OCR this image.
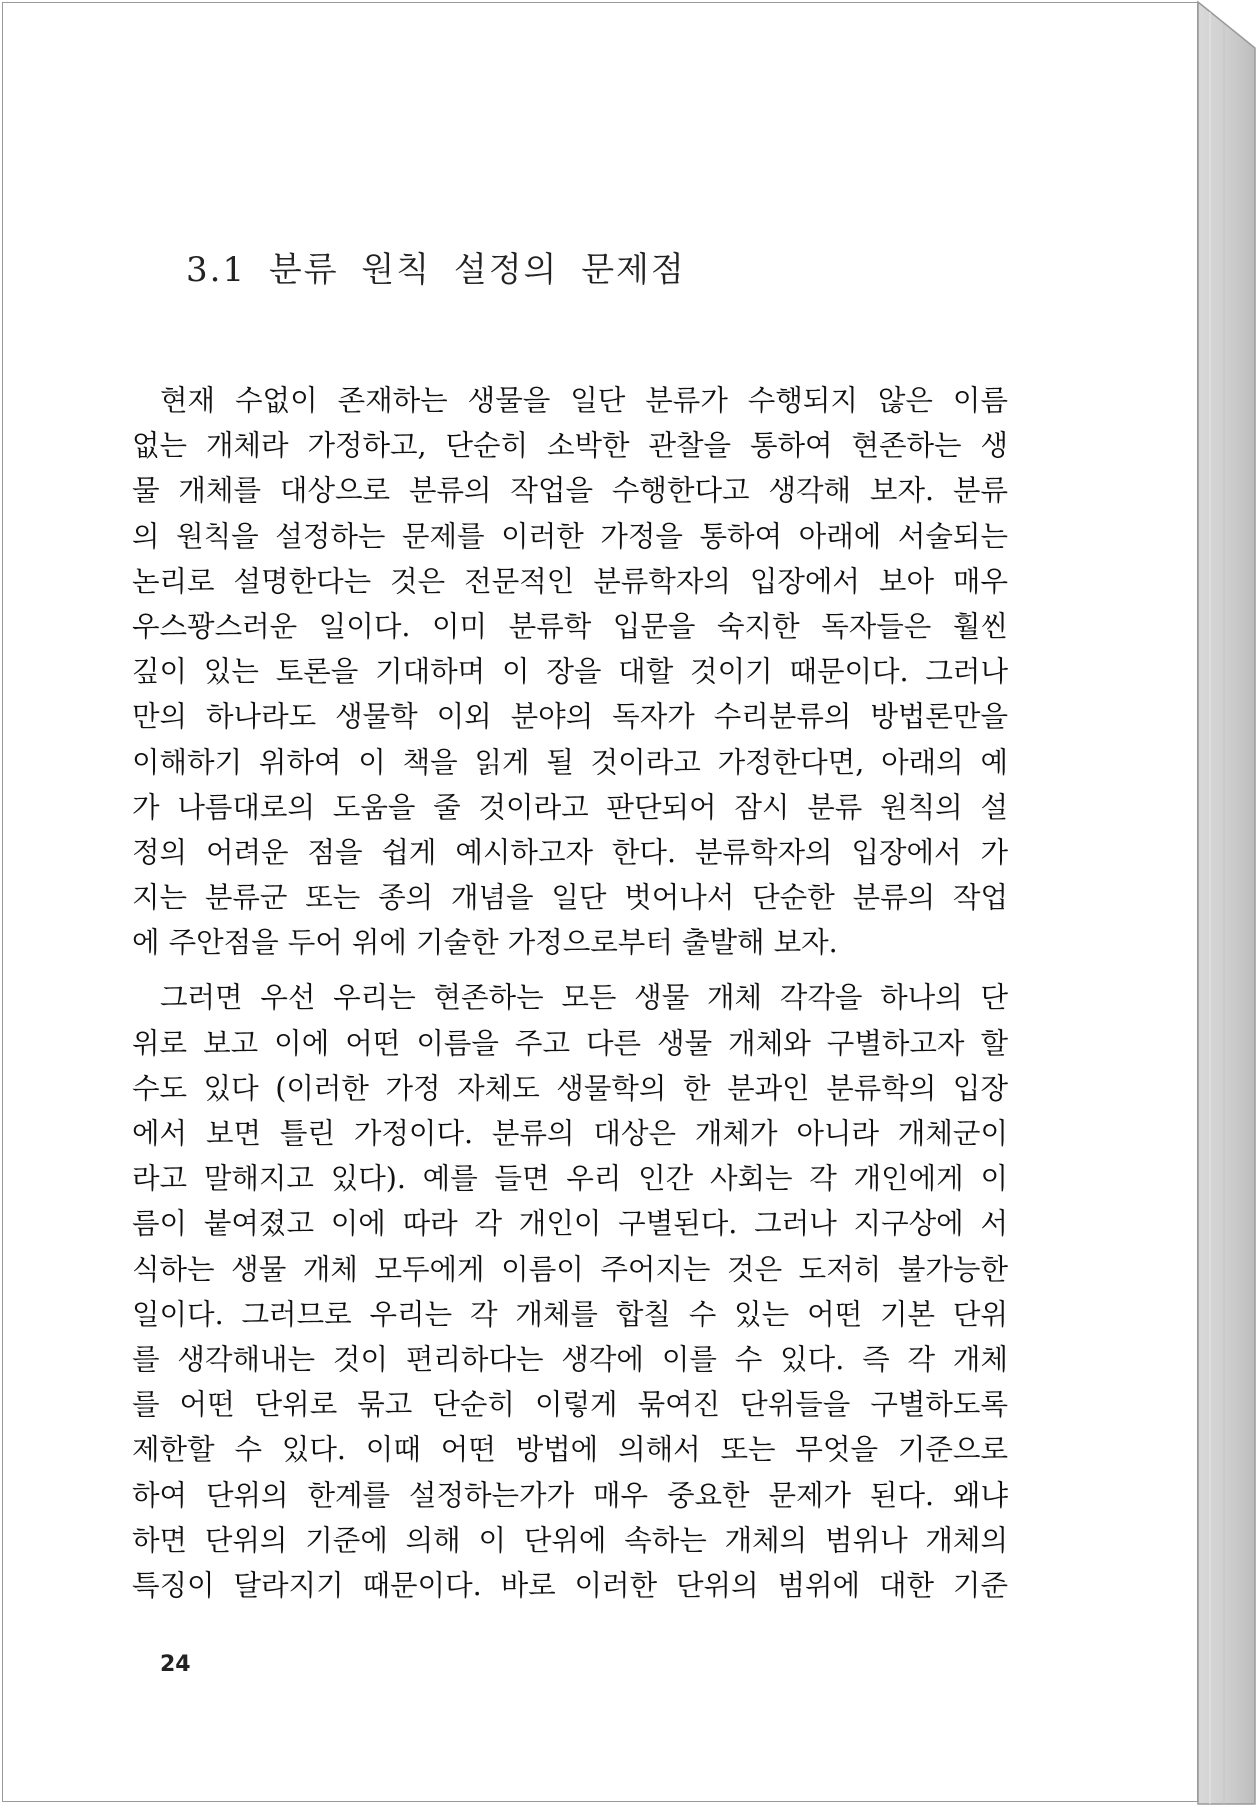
3.1 분류 원칙 설정의 문제점
현재 수없이 존재하는 생물을 일단 분류가 수행되지 않은 이름
없는 개체라 가정하고, 단순히 소박한 관찰을 통하여 현존하는 생
물 개체를 대상으로 분류의 작업을 수행한다고 생각해 보자. 분류
의 원칙을 설정하는 문제를 이러한 가정을 통하여 아래에 서술되는
논리로 설명한다는 것은 전문적인 분류학자의 입장에서 보아 매우
우스꽝스러운 일이다. 이미 분류학 입문을 숙지한 독자들은 훨씬
깊이 있는 토론을 기대하며 이 장을 대할 것이기 때문이다. 그러나
만의 하나라도 생물학 이외 분야의 독자가 수리분류의 방법론만을
이해하기 위하여 이 책을 읽게 될 것이라고 가정한다면, 아래의 예
가 나름대로의 도움을 줄 것이라고 판단되어 잠시 분류 원칙의 설
정의 어려운 점을 쉽게 예시하고자 한다. 분류학자의 입장에서 가
지는 분류군 또는 종의 개념을 일단 벗어나서 단순한 분류의 작업
에 주안점을 두어 위에 기술한 가정으로부터 출발해 보자.
그러면 우선 우리는 현존하는 모든 생물 개체 각각을 하나의 단
위로 보고 이에 어떤 이름을 주고 다른 생물 개체와 구별하고자 할
수도 있다 (이러한 가정 자체도 생물학의 한 분과인 분류학의 입장
에서 보면 틀린 가정이다. 분류의 대상은 개체가 아니라 개체군이
라고 말해지고 있다). 예를 들면 우리 인간 사회는 각 개인에게 이
름이 붙여졌고 이에 따라 각 개인이 구별된다. 그러나 지구상에 서
식하는 생물 개체 모두에게 이름이 주어지는 것은 도저히 불가능한
일이다. 그러므로 우리는 각 개체를 합칠 수 있는 어떤 기본 단위
를 생각해내는 것이 편리하다는 생각에 이를 수 있다. 즉 각 개체
를 어떤 단위로 묶고 단순히 이렇게 묶여진 단위들을 구별하도록
제한할 수 있다. 이때 어떤 방법에 의해서 또는 무엇을 기준으로
하여 단위의 한계를 설정하는가가 매우 중요한 문제가 된다. 왜냐
하면 단위의 기준에 의해 이 단위에 속하는 개체의 범위나 개체의
특징이 달라지기 때문이다. 바로 이러한 단위의 범위에 대한 기준
24
